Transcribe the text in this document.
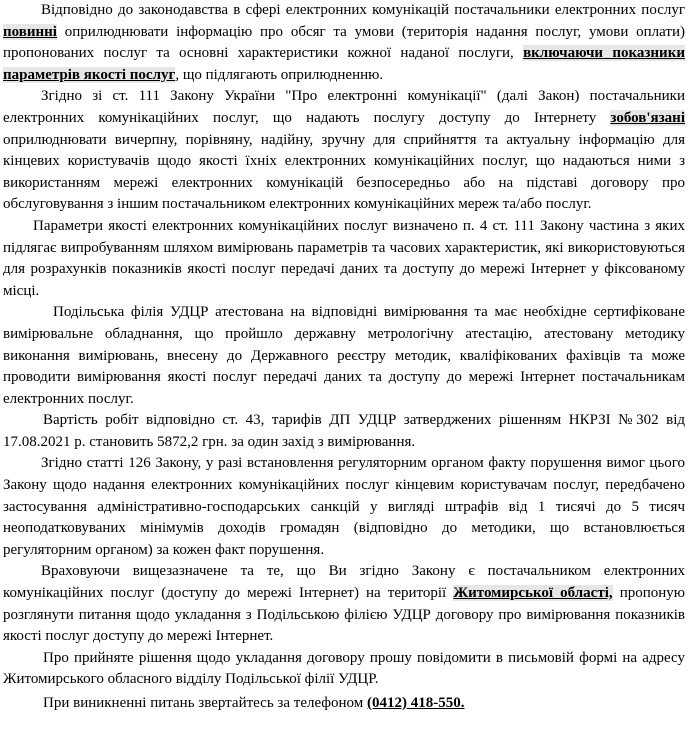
Відповідно до законодавства в сфері електронних комунікацій постачальники електронних послуг повинні оприлюднювати інформацію про обсяг та умови (територія надання послуг, умови оплати) пропонованих послуг та основні характеристики кожної наданої послуги, включаючи показники параметрів якості послуг, що підлягають оприлюдненню.

Згідно зі ст. 111 Закону України "Про електронні комунікації" (далі Закон) постачальники електронних комунікаційних послуг, що надають послугу доступу до Інтернету зобов'язані оприлюднювати вичерпну, порівняну, надійну, зручну для сприйняття та актуальну інформацію для кінцевих користувачів щодо якості їхніх електронних комунікаційних послуг, що надаються ними з використанням мережі електронних комунікацій безпосередньо або на підставі договору про обслуговування з іншим постачальником електронних комунікаційних мереж та/або послуг.

Параметри якості електронних комунікаційних послуг визначено п. 4 ст. 111 Закону частина з яких підлягає випробуванням шляхом вимірювань параметрів та часових характеристик, які використовуються для розрахунків показників якості послуг передачі даних та доступу до мережі Інтернет у фіксованому місці.

Подільська філія УДЦР атестована на відповідні вимірювання та має необхідне сертифіковане вимірювальне обладнання, що пройшло державну метрологічну атестацію, атестовану методику виконання вимірювань, внесену до Державного реєстру методик, кваліфікованих фахівців та може проводити вимірювання якості послуг передачі даних та доступу до мережі Інтернет постачальникам електронних послуг.

Вартість робіт відповідно ст. 43, тарифів ДП УДЦР затверджених рішенням НКРЗІ №302 від 17.08.2021 р. становить 5872,2 грн. за один захід з вимірювання.

Згідно статті 126 Закону, у разі встановлення регуляторним органом факту порушення вимог цього Закону щодо надання електронних комунікаційних послуг кінцевим користувачам послуг, передбачено застосування адміністративно-господарських санкцій у вигляді штрафів від 1 тисячі до 5 тисяч неоподатковуваних мінімумів доходів громадян (відповідно до методики, що встановлюється регуляторним органом) за кожен факт порушення.

Враховуючи вищезазначене та те, що Ви згідно Закону є постачальником електронних комунікаційних послуг (доступу до мережі Інтернет) на території Житомирської області, пропоную розглянути питання щодо укладання з Подільською філією УДЦР договору про вимірювання показників якості послуг доступу до мережі Інтернет.

Про прийняте рішення щодо укладання договору прошу повідомити в письмовій формі на адресу Житомирського обласного відділу Подільської філії УДЦР.

При виникненні питань звертайтесь за телефоном (0412) 418-550.
